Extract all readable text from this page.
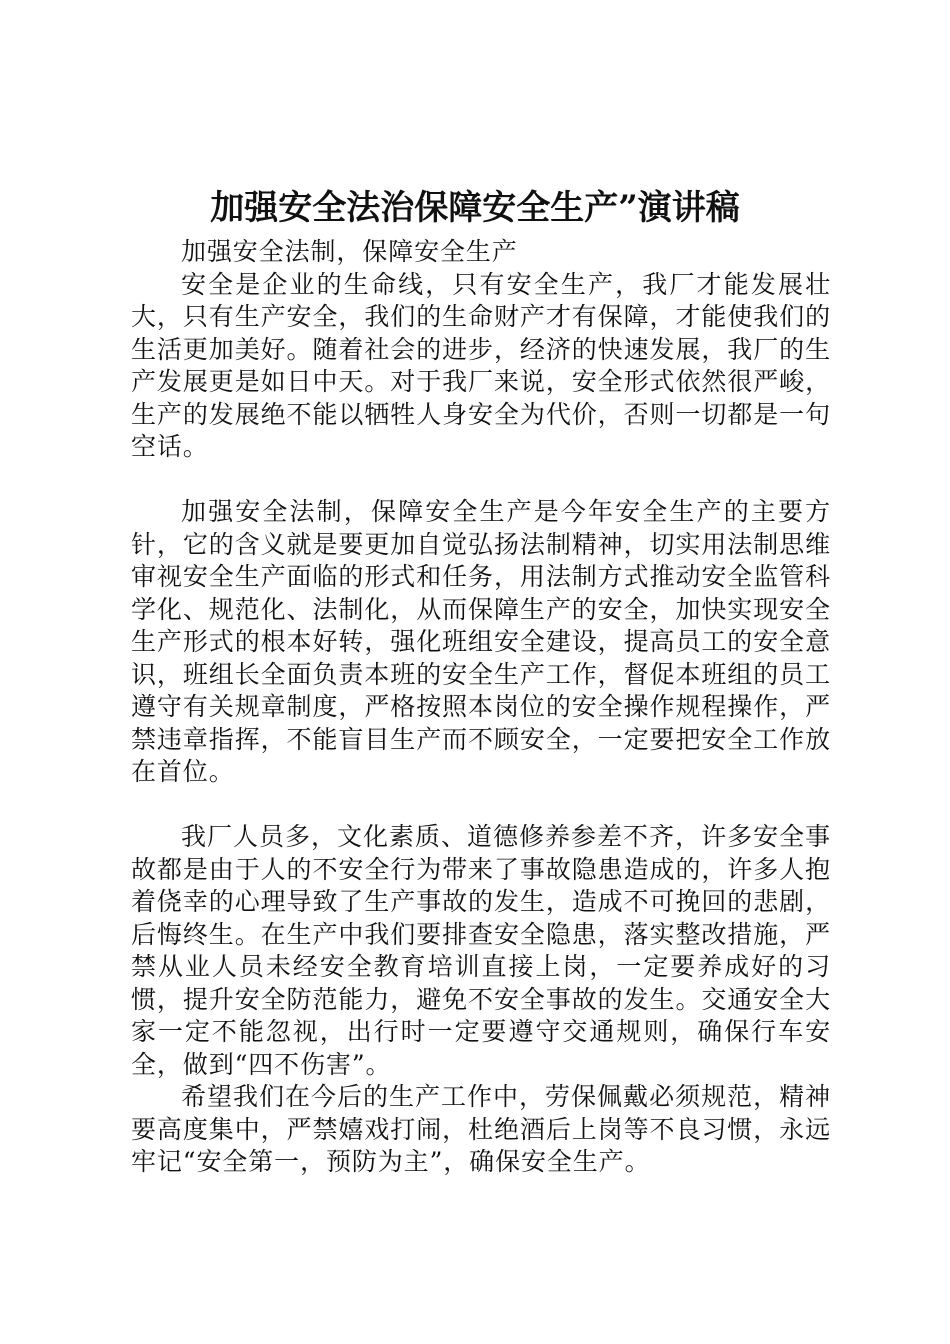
加强安全法治保障安全生产”演讲稿

加强安全法制，保障安全生产

安全是企业的生命线，只有安全生产，我厂才能发展壮大，只有生产安全，我们的生命财产才有保障，才能使我们的生活更加美好。随着社会的进步，经济的快速发展，我厂的生产发展更是如日中天。对于我厂来说，安全形式依然很严峻，生产的发展绝不能以牺牲人身安全为代价，否则一切都是一句空话。

加强安全法制，保障安全生产是今年安全生产的主要方针，它的含义就是要更加自觉弘扬法制精神，切实用法制思维审视安全生产面临的形式和任务，用法制方式推动安全监管科学化、规范化、法制化，从而保障生产的安全，加快实现安全生产形式的根本好转，强化班组安全建设，提高员工的安全意识，班组长全面负责本班的安全生产工作，督促本班组的员工遵守有关规章制度，严格按照本岗位的安全操作规程操作，严禁违章指挥，不能盲目生产而不顾安全，一定要把安全工作放在首位。

我厂人员多，文化素质、道德修养参差不齐，许多安全事故都是由于人的不安全行为带来了事故隐患造成的，许多人抱着侥幸的心理导致了生产事故的发生，造成不可挽回的悲剧，后悔终生。在生产中我们要排查安全隐患，落实整改措施，严禁从业人员未经安全教育培训直接上岗，一定要养成好的习惯，提升安全防范能力，避免不安全事故的发生。交通安全大家一定不能忽视，出行时一定要遵守交通规则，确保行车安全，做到“四不伤害”。

希望我们在今后的生产工作中，劳保佩戴必须规范，精神要高度集中，严禁嬉戏打闹，杜绝酒后上岗等不良习惯，永远牢记“安全第一，预防为主”，确保安全生产。
